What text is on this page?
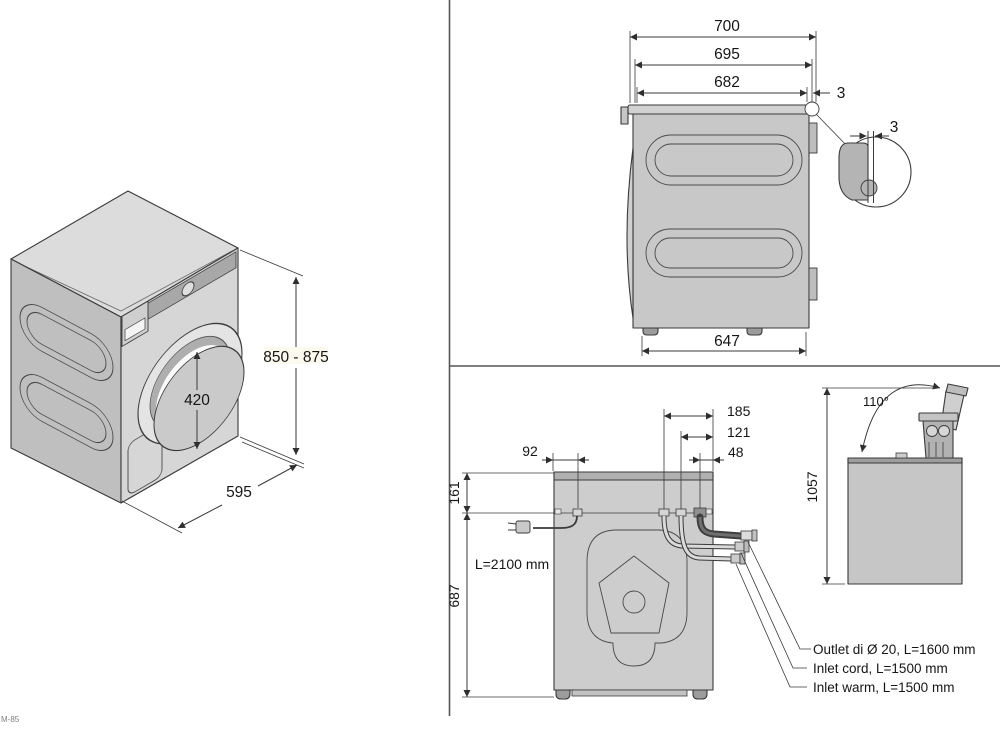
420
850 - 875
595
700
695
682
3
3
647
185
121
48
92
161
687
L=2100 mm
Outlet di Ø 20, L=1600 mm
Inlet cord, L=1500 mm
Inlet warm, L=1500 mm
110°
1057
M-85
